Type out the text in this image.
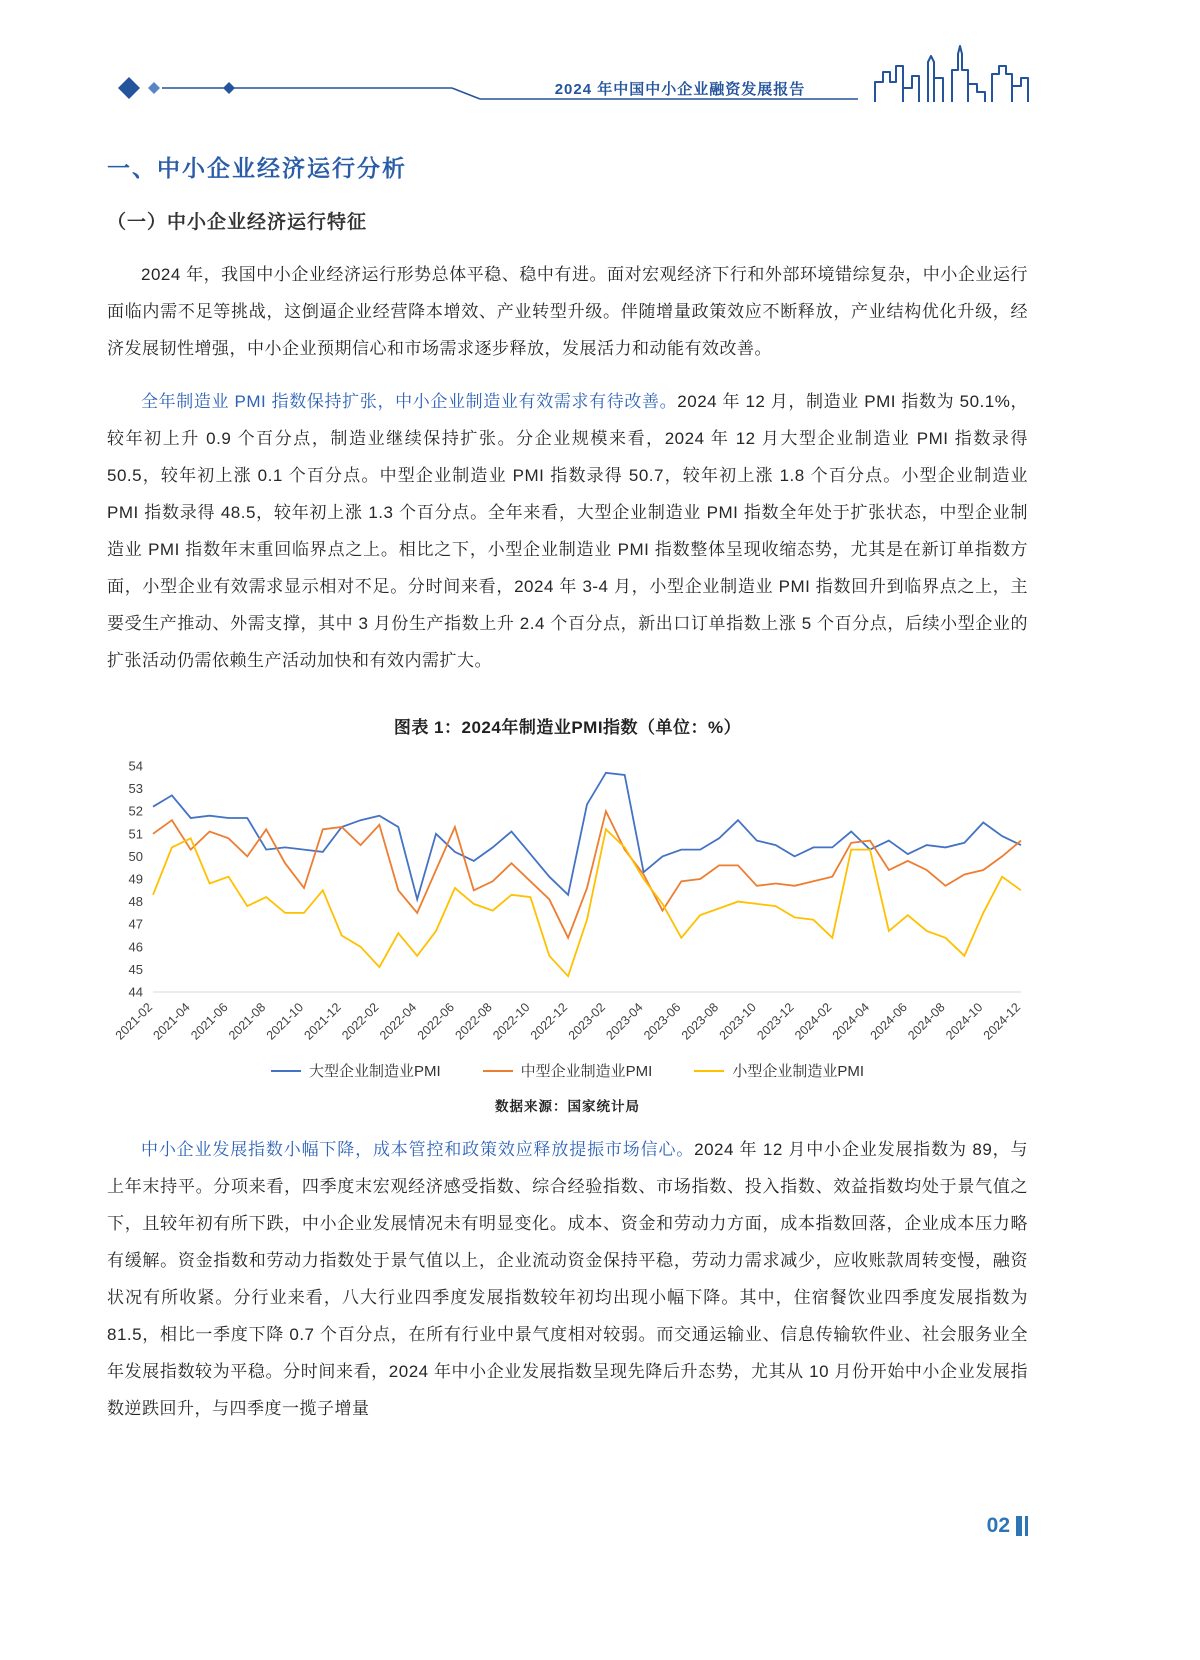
2024 年中国中小企业融资发展报告
一、中小企业经济运行分析
（一）中小企业经济运行特征

2024 年，我国中小企业经济运行形势总体平稳、稳中有进。面对宏观经济下行和外部环境错综复杂，中小企业运行面临内需不足等挑战，这倒逼企业经营降本增效、产业转型升级。伴随增量政策效应不断释放，产业结构优化升级，经济发展韧性增强，中小企业预期信心和市场需求逐步释放，发展活力和动能有效改善。

全年制造业 PMI 指数保持扩张，中小企业制造业有效需求有待改善。2024 年 12 月，制造业 PMI 指数为 50.1%，较年初上升 0.9 个百分点，制造业继续保持扩张。分企业规模来看，2024 年 12 月大型企业制造业 PMI 指数录得 50.5，较年初上涨 0.1 个百分点。中型企业制造业 PMI 指数录得 50.7，较年初上涨 1.8 个百分点。小型企业制造业 PMI 指数录得 48.5，较年初上涨 1.3 个百分点。全年来看，大型企业制造业 PMI 指数全年处于扩张状态，中型企业制造业 PMI 指数年末重回临界点之上。相比之下，小型企业制造业 PMI 指数整体呈现收缩态势，尤其是在新订单指数方面，小型企业有效需求显示相对不足。分时间来看，2024 年 3-4 月，小型企业制造业 PMI 指数回升到临界点之上，主要受生产推动、外需支撑，其中 3 月份生产指数上升 2.4 个百分点，新出口订单指数上涨 5 个百分点，后续小型企业的扩张活动仍需依赖生产活动加快和有效内需扩大。

图表 1：2024年制造业PMI指数（单位：%）
44
45
46
47
48
49
50
51
52
53
54
2021-02
2021-04
2021-06
2021-08
2021-10
2021-12
2022-02
2022-04
2022-06
2022-08
2022-10
2022-12
2023-02
2023-04
2023-06
2023-08
2023-10
2023-12
2024-02
2024-04
2024-06
2024-08
2024-10
2024-12
大型企业制造业PMI	中型企业制造业PMI	小型企业制造业PMI
数据来源：国家统计局

中小企业发展指数小幅下降，成本管控和政策效应释放提振市场信心。2024 年 12 月中小企业发展指数为 89，与上年末持平。分项来看，四季度末宏观经济感受指数、综合经验指数、市场指数、投入指数、效益指数均处于景气值之下，且较年初有所下跌，中小企业发展情况未有明显变化。成本、资金和劳动力方面，成本指数回落，企业成本压力略有缓解。资金指数和劳动力指数处于景气值以上，企业流动资金保持平稳，劳动力需求减少，应收账款周转变慢，融资状况有所收紧。分行业来看，八大行业四季度发展指数较年初均出现小幅下降。其中，住宿餐饮业四季度发展指数为 81.5，相比一季度下降 0.7 个百分点，在所有行业中景气度相对较弱。而交通运输业、信息传输软件业、社会服务业全年发展指数较为平稳。分时间来看，2024 年中小企业发展指数呈现先降后升态势，尤其从 10 月份开始中小企业发展指数逆跌回升，与四季度一揽子增量

02
